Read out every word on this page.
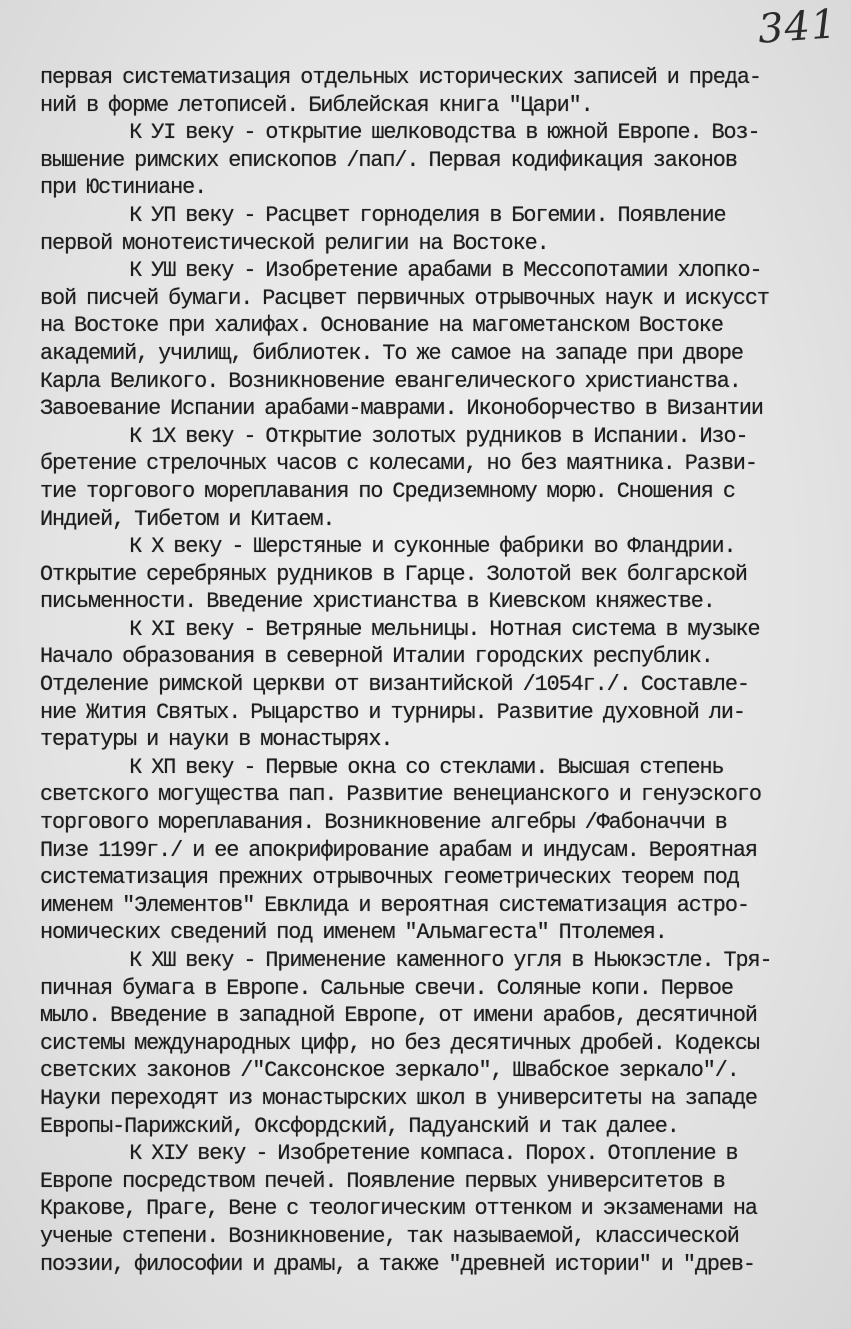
341
первая систематизация отдельных исторических записей и преда-
ний в форме летописей. Библейская книга "Цари".
К УI веку - открытие шелководства в южной Европе. Воз-
вышение римских епископов /пап/. Первая кодификация законов
при Юстиниане.
К УП веку - Расцвет горноделия в Богемии. Появление
первой монотеистической религии на Востоке.
К УШ веку - Изобретение арабами в Мессопотамии хлопко-
вой писчей бумаги. Расцвет первичных отрывочных наук и искусст
на Востоке при халифах. Основание на магометанском Востоке
академий, училищ, библиотек. То же самое на западе при дворе
Карла Великого. Возникновение евангелического христианства.
Завоевание Испании арабами-маврами. Иконоборчество в Византии
К 1Х веку - Открытие золотых рудников в Испании. Изо-
бретение стрелочных часов с колесами, но без маятника. Разви-
тие торгового мореплавания по Средиземному морю. Сношения с
Индией, Тибетом и Китаем.
К Х веку - Шерстяные и суконные фабрики во Фландрии.
Открытие серебряных рудников в Гарце. Золотой век болгарской
письменности. Введение христианства в Киевском княжестве.
К ХI веку - Ветряные мельницы. Нотная система в музыке
Начало образования в северной Италии городских республик.
Отделение римской церкви от византийской /1054г./. Составле-
ние Жития Святых. Рыцарство и турниры. Развитие духовной ли-
тературы и науки в монастырях.
К ХП веку - Первые окна со стеклами. Высшая степень
светского могущества пап. Развитие венецианского и генуэского
торгового мореплавания. Возникновение алгебры /Фабоначчи в
Пизе 1199г./ и ее апокрифирование арабам и индусам. Вероятная
систематизация прежних отрывочных геометрических теорем под
именем "Элементов" Евклида и вероятная систематизация астро-
номических сведений под именем "Альмагеста" Птолемея.
К ХШ веку - Применение каменного угля в Ньюкэстле. Тря-
пичная бумага в Европе. Сальные свечи. Соляные копи. Первое
мыло. Введение в западной Европе, от имени арабов, десятичной
системы международных цифр, но без десятичных дробей. Кодексы
светских законов /"Саксонское зеркало", Швабское зеркало"/.
Науки переходят из монастырских школ в университеты на западе
Европы-Парижский, Оксфордский, Падуанский и так далее.
К ХIУ веку - Изобретение компаса. Порох. Отопление в
Европе посредством печей. Появление первых университетов в
Кракове, Праге, Вене с теологическим оттенком и экзаменами на
ученые степени. Возникновение, так называемой, классической
поэзии, философии и драмы, а также "древней истории" и "древ-
